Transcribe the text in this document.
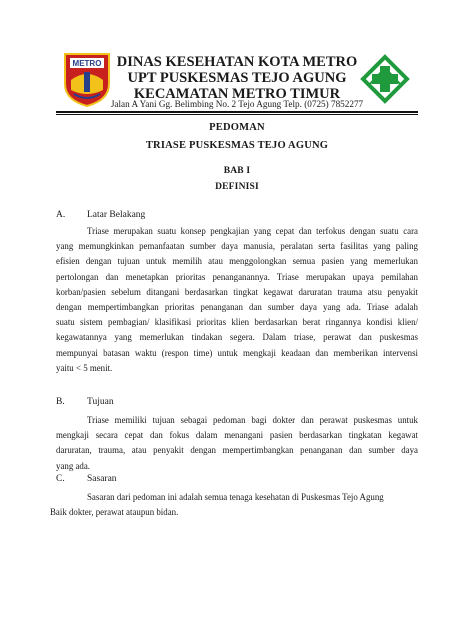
METRO	DINAS KESEHATAN KOTA METRO
UPT PUSKESMAS TEJO AGUNG
KECAMATAN METRO TIMUR
Jalan A Yani Gg. Belimbing No. 2 Tejo Agung Telp. (0725) 7852277
PEDOMAN
TRIASE PUSKESMAS TEJO AGUNG
BAB I
DEFINISI
A. Latar Belakang

Triase merupakan suatu konsep pengkajian yang cepat dan terfokus dengan suatu cara

yang memungkinkan pemanfaatan sumber daya manusia, peralatan serta fasilitas yang paling

efisien dengan tujuan untuk memilih atau menggolongkan semua pasien yang memerlukan

pertolongan dan menetapkan prioritas penanganannya. Triase merupakan upaya pemilahan

korban/pasien sebelum ditangani berdasarkan tingkat kegawat daruratan trauma atsu penyakit

dengan mempertimbangkan prioritas penanganan dan sumber daya yang ada. Triase adalah

suatu sistem pembagian/ klasifikasi prioritas klien berdasarkan berat ringannya kondisi klien/

kegawatannya yang memerlukan tindakan segera. Dalam triase, perawat dan puskesmas

mempunyai batasan waktu (respon time) untuk mengkaji keadaan dan memberikan intervensi

yaitu < 5 menit.

B. Tujuan

Triase memiliki tujuan sebagai pedoman bagi dokter dan perawat puskesmas untuk

mengkaji secara cepat dan fokus dalam menangani pasien berdasarkan tingkatan kegawat

daruratan, trauma, atau penyakit dengan mempertimbangkan penanganan dan sumber daya

yang ada.

C. Sasaran

Sasaran dari pedoman ini adalah semua tenaga kesehatan di Puskesmas Tejo Agung

Baik dokter, perawat ataupun bidan.
